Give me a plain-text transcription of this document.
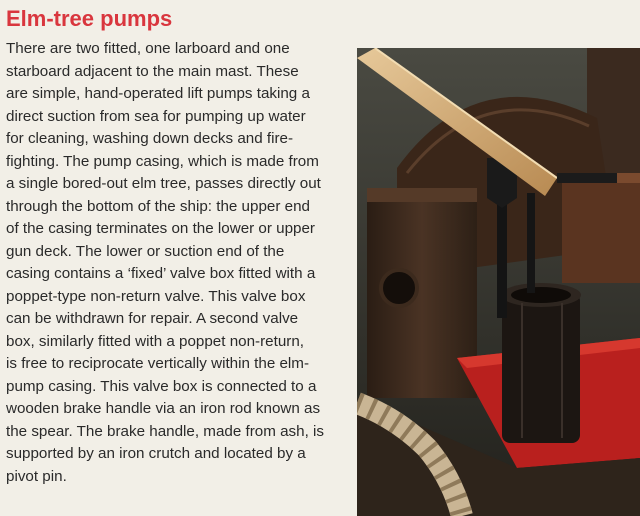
Elm-tree pumps
There are two fitted, one larboard and one
starboard adjacent to the main mast. These
are simple, hand-operated lift pumps taking a
direct suction from sea for pumping up water
for cleaning, washing down decks and fire-
fighting. The pump casing, which is made from
a single bored-out elm tree, passes directly out
through the bottom of the ship: the upper end
of the casing terminates on the lower or upper
gun deck. The lower or suction end of the
casing contains a ‘fixed’ valve box fitted with a
poppet-type non-return valve. This valve box
can be withdrawn for repair. A second valve
box, similarly fitted with a poppet non-return,
is free to reciprocate vertically within the elm-
pump casing. This valve box is connected to a
wooden brake handle via an iron rod known as
the spear. The brake handle, made from ash, is
supported by an iron crutch and located by a
pivot pin.
